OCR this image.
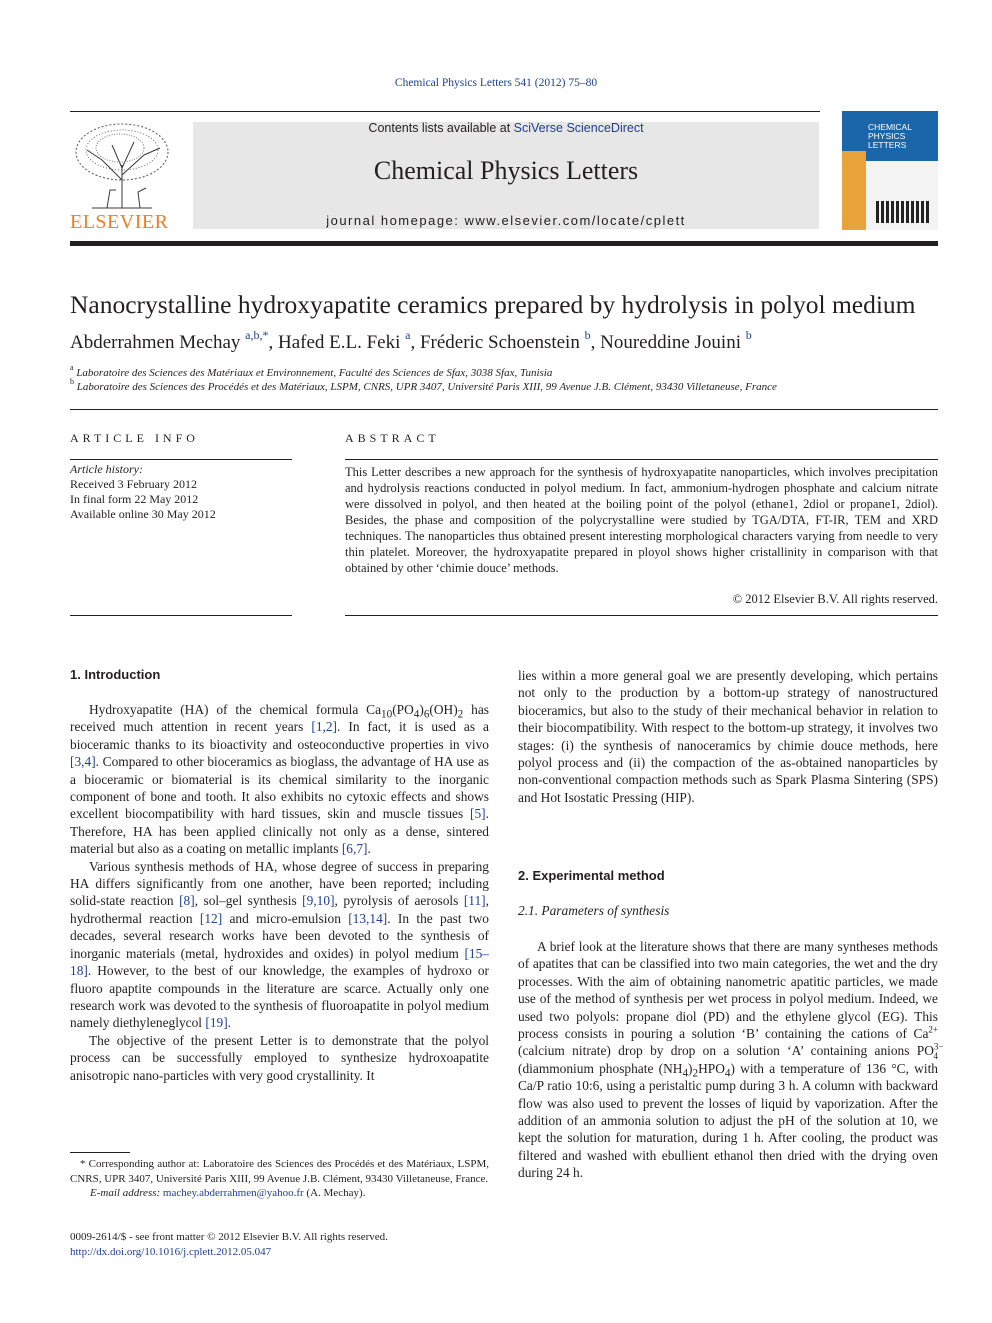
Chemical Physics Letters 541 (2012) 75–80
ELSEVIER
Contents lists available at SciVerse ScienceDirect
Chemical Physics Letters
journal homepage: www.elsevier.com/locate/cplett
CHEMICAL
PHYSICS
LETTERS
Nanocrystalline hydroxyapatite ceramics prepared by hydrolysis in polyol medium
Abderrahmen Mechay $^{a,b,*}$, Hafed E.L. Feki $^a$, Fréderic Schoenstein $^b$, Noureddine Jouini $^b$
$^a$ Laboratoire des Sciences des Matériaux et Environnement, Faculté des Sciences de Sfax, 3038 Sfax, Tunisia
$^b$ Laboratoire des Sciences des Procédés et des Matériaux, LSPM, CNRS, UPR 3407, Université Paris XIII, 99 Avenue J.B. Clément, 93430 Villetaneuse, France
ARTICLE INFO
Article history:
Received 3 February 2012
In final form 22 May 2012
Available online 30 May 2012
ABSTRACT
This Letter describes a new approach for the synthesis of hydroxyapatite nanoparticles, which involves precipitation and hydrolysis reactions conducted in polyol medium. In fact, ammonium-hydrogen phosphate and calcium nitrate were dissolved in polyol, and then heated at the boiling point of the polyol (ethane1, 2diol or propane1, 2diol). Besides, the phase and composition of the polycrystalline were studied by TGA/DTA, FT-IR, TEM and XRD techniques. The nanoparticles thus obtained present interesting morphological characters varying from needle to very thin platelet. Moreover, the hydroxyapatite prepared in ployol shows higher cristallinity in comparison with that obtained by other ‘chimie douce’ methods.
© 2012 Elsevier B.V. All rights reserved.
1. Introduction

Hydroxyapatite (HA) of the chemical formula $Ca_{10}(PO_4)_6(OH)_2$ has received much attention in recent years [1,2]. In fact, it is used as a bioceramic thanks to its bioactivity and osteoconductive properties in vivo [3,4]. Compared to other bioceramics as bioglass, the advantage of HA use as a bioceramic or biomaterial is its chemical similarity to the inorganic component of bone and tooth. It also exhibits no cytoxic effects and shows excellent biocompatibility with hard tissues, skin and muscle tissues [5]. Therefore, HA has been applied clinically not only as a dense, sintered material but also as a coating on metallic implants [6,7].

Various synthesis methods of HA, whose degree of success in preparing HA differs significantly from one another, have been reported; including solid-state reaction [8], sol–gel synthesis [9,10], pyrolysis of aerosols [11], hydrothermal reaction [12] and micro-emulsion [13,14]. In the past two decades, several research works have been devoted to the synthesis of inorganic materials (metal, hydroxides and oxides) in polyol medium [15–18]. However, to the best of our knowledge, the examples of hydroxo or fluoro apaptite compounds in the literature are scarce. Actually only one research work was devoted to the synthesis of fluoroapatite in polyol medium namely diethyleneglycol [19].

The objective of the present Letter is to demonstrate that the polyol process can be successfully employed to synthesize hydroxoapatite anisotropic nano-particles with very good crystallinity. It

* Corresponding author at: Laboratoire des Sciences des Procédés et des Matériaux, LSPM, CNRS, UPR 3407, Université Paris XIII, 99 Avenue J.B. Clément, 93430 Villetaneuse, France.
E-mail address: machey.abderrahmen@yahoo.fr (A. Mechay).
0009-2614/$ - see front matter © 2012 Elsevier B.V. All rights reserved.
http://dx.doi.org/10.1016/j.cplett.2012.05.047

lies within a more general goal we are presently developing, which pertains not only to the production by a bottom-up strategy of nanostructured bioceramics, but also to the study of their mechanical behavior in relation to their biocompatibility. With respect to the bottom-up strategy, it involves two stages: (i) the synthesis of nanoceramics by chimie douce methods, here polyol process and (ii) the compaction of the as-obtained nanoparticles by non-conventional compaction methods such as Spark Plasma Sintering (SPS) and Hot Isostatic Pressing (HIP).

2. Experimental method
2.1. Parameters of synthesis

A brief look at the literature shows that there are many syntheses methods of apatites that can be classified into two main categories, the wet and the dry processes. With the aim of obtaining nanometric apatitic particles, we made use of the method of synthesis per wet process in polyol medium. Indeed, we used two polyols: propane diol (PD) and the ethylene glycol (EG). This process consists in pouring a solution ‘B’ containing the cations of $Ca^{2+}$ (calcium nitrate) drop by drop on a solution ‘A’ containing anions $PO^{3-}_4$ (diammonium phosphate $(NH_4)_2HPO_4$) with a temperature of 136 °C, with Ca/P ratio 10:6, using a peristaltic pump during 3 h. A column with backward flow was also used to prevent the losses of liquid by vaporization. After the addition of an ammonia solution to adjust the pH of the solution at 10, we kept the solution for maturation, during 1 h. After cooling, the product was filtered and washed with ebullient ethanol then dried with the drying oven during 24 h.
